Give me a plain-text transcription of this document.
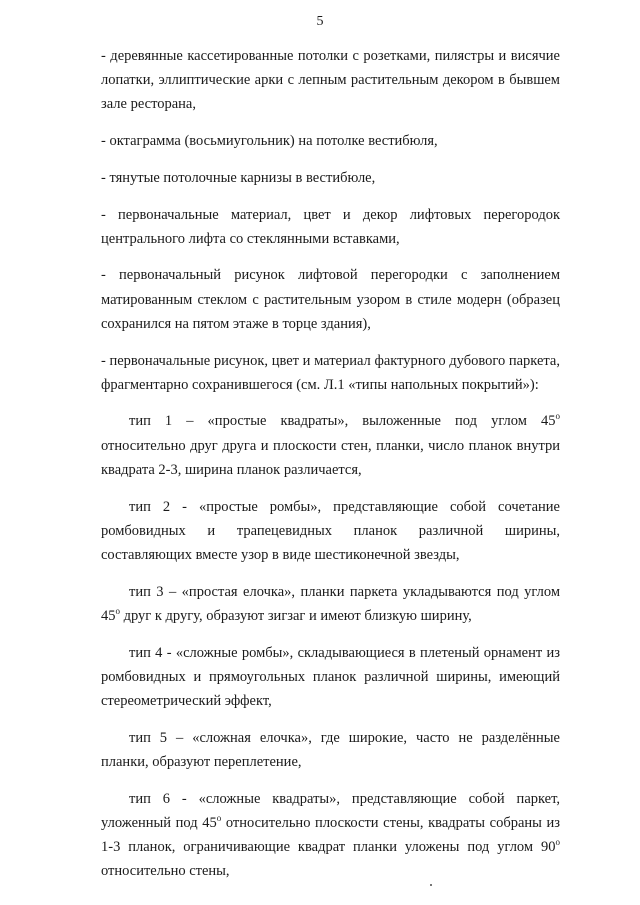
5

- деревянные кассетированные потолки с розетками, пилястры и висячие лопатки, эллиптические арки с лепным растительным декором в бывшем зале ресторана,

- октаграмма (восьмиугольник) на потолке вестибюля,

- тянутые потолочные карнизы в вестибюле,

- первоначальные материал, цвет и декор лифтовых перегородок центрального лифта со стеклянными вставками,

- первоначальный рисунок лифтовой перегородки с заполнением матированным стеклом с растительным узором в стиле модерн (образец сохранился на пятом этаже в торце здания),

- первоначальные рисунок, цвет и материал фактурного дубового паркета, фрагментарно сохранившегося (см. Л.1 «типы напольных покрытий»):

тип 1 – «простые квадраты», выложенные под углом $45^о$ относительно друг друга и плоскости стен, планки, число планок внутри квадрата 2-3, ширина планок различается,

тип 2 - «простые ромбы», представляющие собой сочетание ромбовидных и трапецевидных планок различной ширины, составляющих вместе узор в виде шестиконечной звезды,

тип 3 – «простая елочка», планки паркета укладываются под углом $45^о$ друг к другу, образуют зигзаг и имеют близкую ширину,

тип 4 - «сложные ромбы», складывающиеся в плетеный орнамент из ромбовидных и прямоугольных планок различной ширины, имеющий стереометрический эффект,

тип 5 – «сложная елочка», где широкие, часто не разделённые планки, образуют переплетение,

тип 6 - «сложные квадраты», представляющие собой паркет, уложенный под $45^о$ относительно плоскости стены, квадраты собраны из 1-3 планок, ограничивающие квадрат планки уложены под углом $90^о$ относительно стены,
